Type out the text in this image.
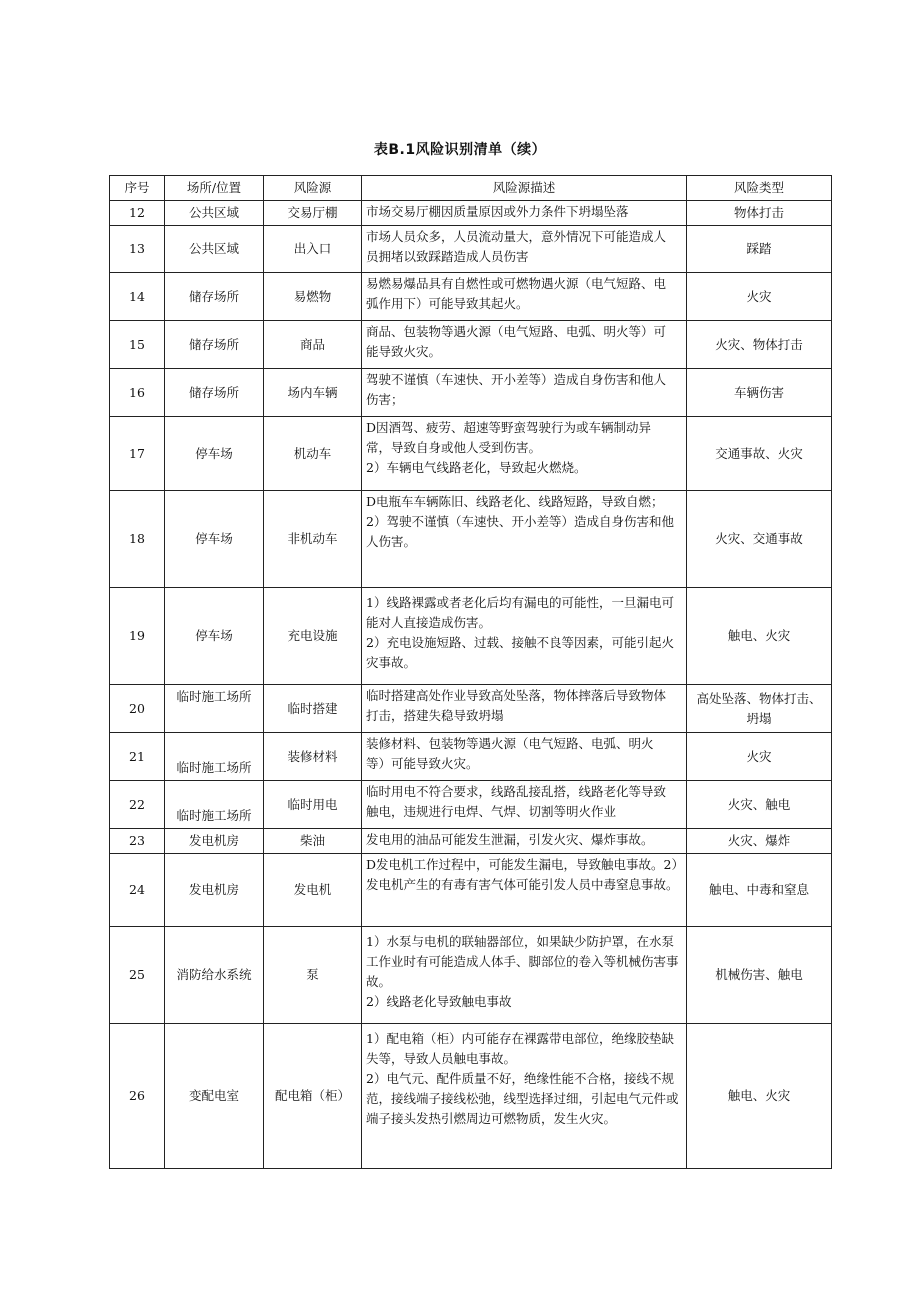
表B.1风险识别清单（续）
序号	场所/位置	风险源	风险源描述	风险类型
12	公共区域	交易厅棚	市场交易厅棚因质量原因或外力条件下坍塌坠落	物体打击
13	公共区域	出入口	市场人员众多，人员流动量大，意外情况下可能造成人
员拥堵以致踩踏造成人员伤害	踩踏
14	储存场所	易燃物	易燃易爆品具有自燃性或可燃物遇火源（电气短路、电
弧作用下）可能导致其起火。	火灾
15	储存场所	商品	商品、包装物等遇火源（电气短路、电弧、明火等）可
能导致火灾。	火灾、物体打击
16	储存场所	场内车辆	驾驶不谨慎（车速快、开小差等）造成自身伤害和他人
伤害；	车辆伤害
17	停车场	机动车	D因酒驾、疲劳、超速等野蛮驾驶行为或车辆制动异
常，导致自身或他人受到伤害。
2）车辆电气线路老化，导致起火燃烧。	交通事故、火灾
18	停车场	非机动车	D电瓶车车辆陈旧、线路老化、线路短路，导致自燃；
2）驾驶不谨慎（车速快、开小差等）造成自身伤害和他
人伤害。	火灾、交通事故
19	停车场	充电设施	1）线路裸露或者老化后均有漏电的可能性，一旦漏电可
能对人直接造成伤害。
2）充电设施短路、过载、接触不良等因素，可能引起火
灾事故。	触电、火灾
20	临时施工场所	临时搭建	临时搭建高处作业导致高处坠落，物体摔落后导致物体
打击，搭建失稳导致坍塌	高处坠落、物体打击、坍塌
21	临时施工场所	装修材料	装修材料、包装物等遇火源（电气短路、电弧、明火
等）可能导致火灾。	火灾
22	临时施工场所	临时用电	临时用电不符合要求，线路乱接乱搭，线路老化等导致
触电，违规进行电焊、气焊、切割等明火作业	火灾、触电
23	发电机房	柴油	发电用的油品可能发生泄漏，引发火灾、爆炸事故。	火灾、爆炸
24	发电机房	发电机	D发电机工作过程中，可能发生漏电，导致触电事故。2）
发电机产生的有毒有害气体可能引发人员中毒窒息事故。	触电、中毒和窒息
25	消防给水系统	泵	1）水泵与电机的联轴器部位，如果缺少防护罩，在水泵
工作业时有可能造成人体手、脚部位的卷入等机械伤害事
故。
2）线路老化导致触电事故	机械伤害、触电
26	变配电室	配电箱（柜）	1）配电箱（柜）内可能存在裸露带电部位，绝缘胶垫缺
失等，导致人员触电事故。
2）电气元、配件质量不好，绝缘性能不合格，接线不规
范，接线端子接线松弛，线型选择过细，引起电气元件或
端子接头发热引燃周边可燃物质，发生火灾。	触电、火灾
